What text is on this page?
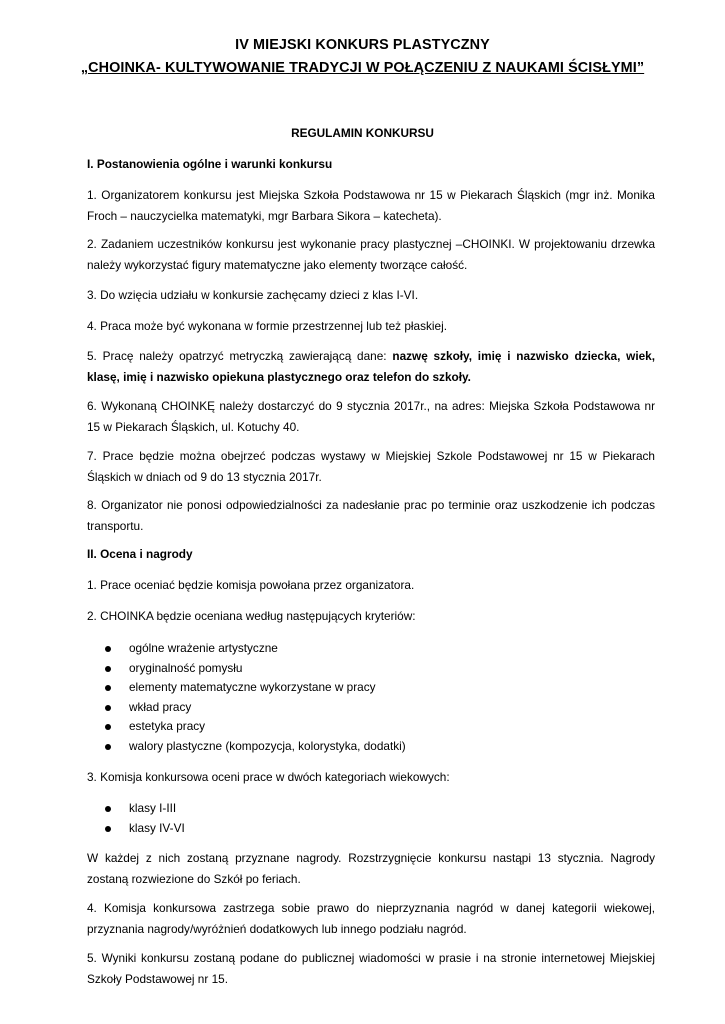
IV MIEJSKI KONKURS PLASTYCZNY
„CHOINKA- KULTYWOWANIE TRADYCJI W POŁĄCZENIU Z NAUKAMI ŚCISŁYMI”
REGULAMIN KONKURSU
I. Postanowienia ogólne i warunki konkursu
1. Organizatorem konkursu jest Miejska Szkoła Podstawowa nr 15 w Piekarach Śląskich (mgr inż. Monika Froch – nauczycielka matematyki, mgr Barbara Sikora – katecheta).
2. Zadaniem uczestników konkursu jest wykonanie pracy plastycznej –CHOINKI. W projektowaniu drzewka należy wykorzystać figury matematyczne jako elementy tworzące całość.
3. Do wzięcia udziału w konkursie zachęcamy dzieci z klas I-VI.
4. Praca może być wykonana w formie przestrzennej lub też płaskiej.
5. Pracę należy opatrzyć metryczką zawierającą dane: nazwę szkoły, imię i nazwisko dziecka, wiek, klasę, imię i nazwisko opiekuna plastycznego oraz telefon do szkoły.
6. Wykonaną CHOINKĘ należy dostarczyć do 9 stycznia 2017r., na adres: Miejska Szkoła Podstawowa nr 15 w Piekarach Śląskich, ul. Kotuchy 40.
7. Prace będzie można obejrzeć podczas wystawy w Miejskiej Szkole Podstawowej nr 15 w Piekarach Śląskich w dniach od 9 do 13 stycznia 2017r.
8. Organizator nie ponosi odpowiedzialności za nadesłanie prac po terminie oraz uszkodzenie ich podczas transportu.
II. Ocena i nagrody
1. Prace oceniać będzie komisja powołana przez organizatora.
2. CHOINKA będzie oceniana według następujących kryteriów:
ogólne wrażenie artystyczne
oryginalność pomysłu
elementy matematyczne wykorzystane w pracy
wkład pracy
estetyka pracy
walory plastyczne (kompozycja, kolorystyka, dodatki)
3. Komisja konkursowa oceni prace w dwóch kategoriach wiekowych:
klasy I-III
klasy IV-VI
W każdej z nich zostaną przyznane nagrody. Rozstrzygnięcie konkursu nastąpi 13 stycznia. Nagrody zostaną rozwiezione do Szkół po feriach.
4. Komisja konkursowa zastrzega sobie prawo do nieprzyznania nagród w danej kategorii wiekowej, przyznania nagrody/wyróżnień dodatkowych lub innego podziału nagród.
5. Wyniki konkursu zostaną podane do publicznej wiadomości w prasie i na stronie internetowej Miejskiej Szkoły Podstawowej nr 15.
